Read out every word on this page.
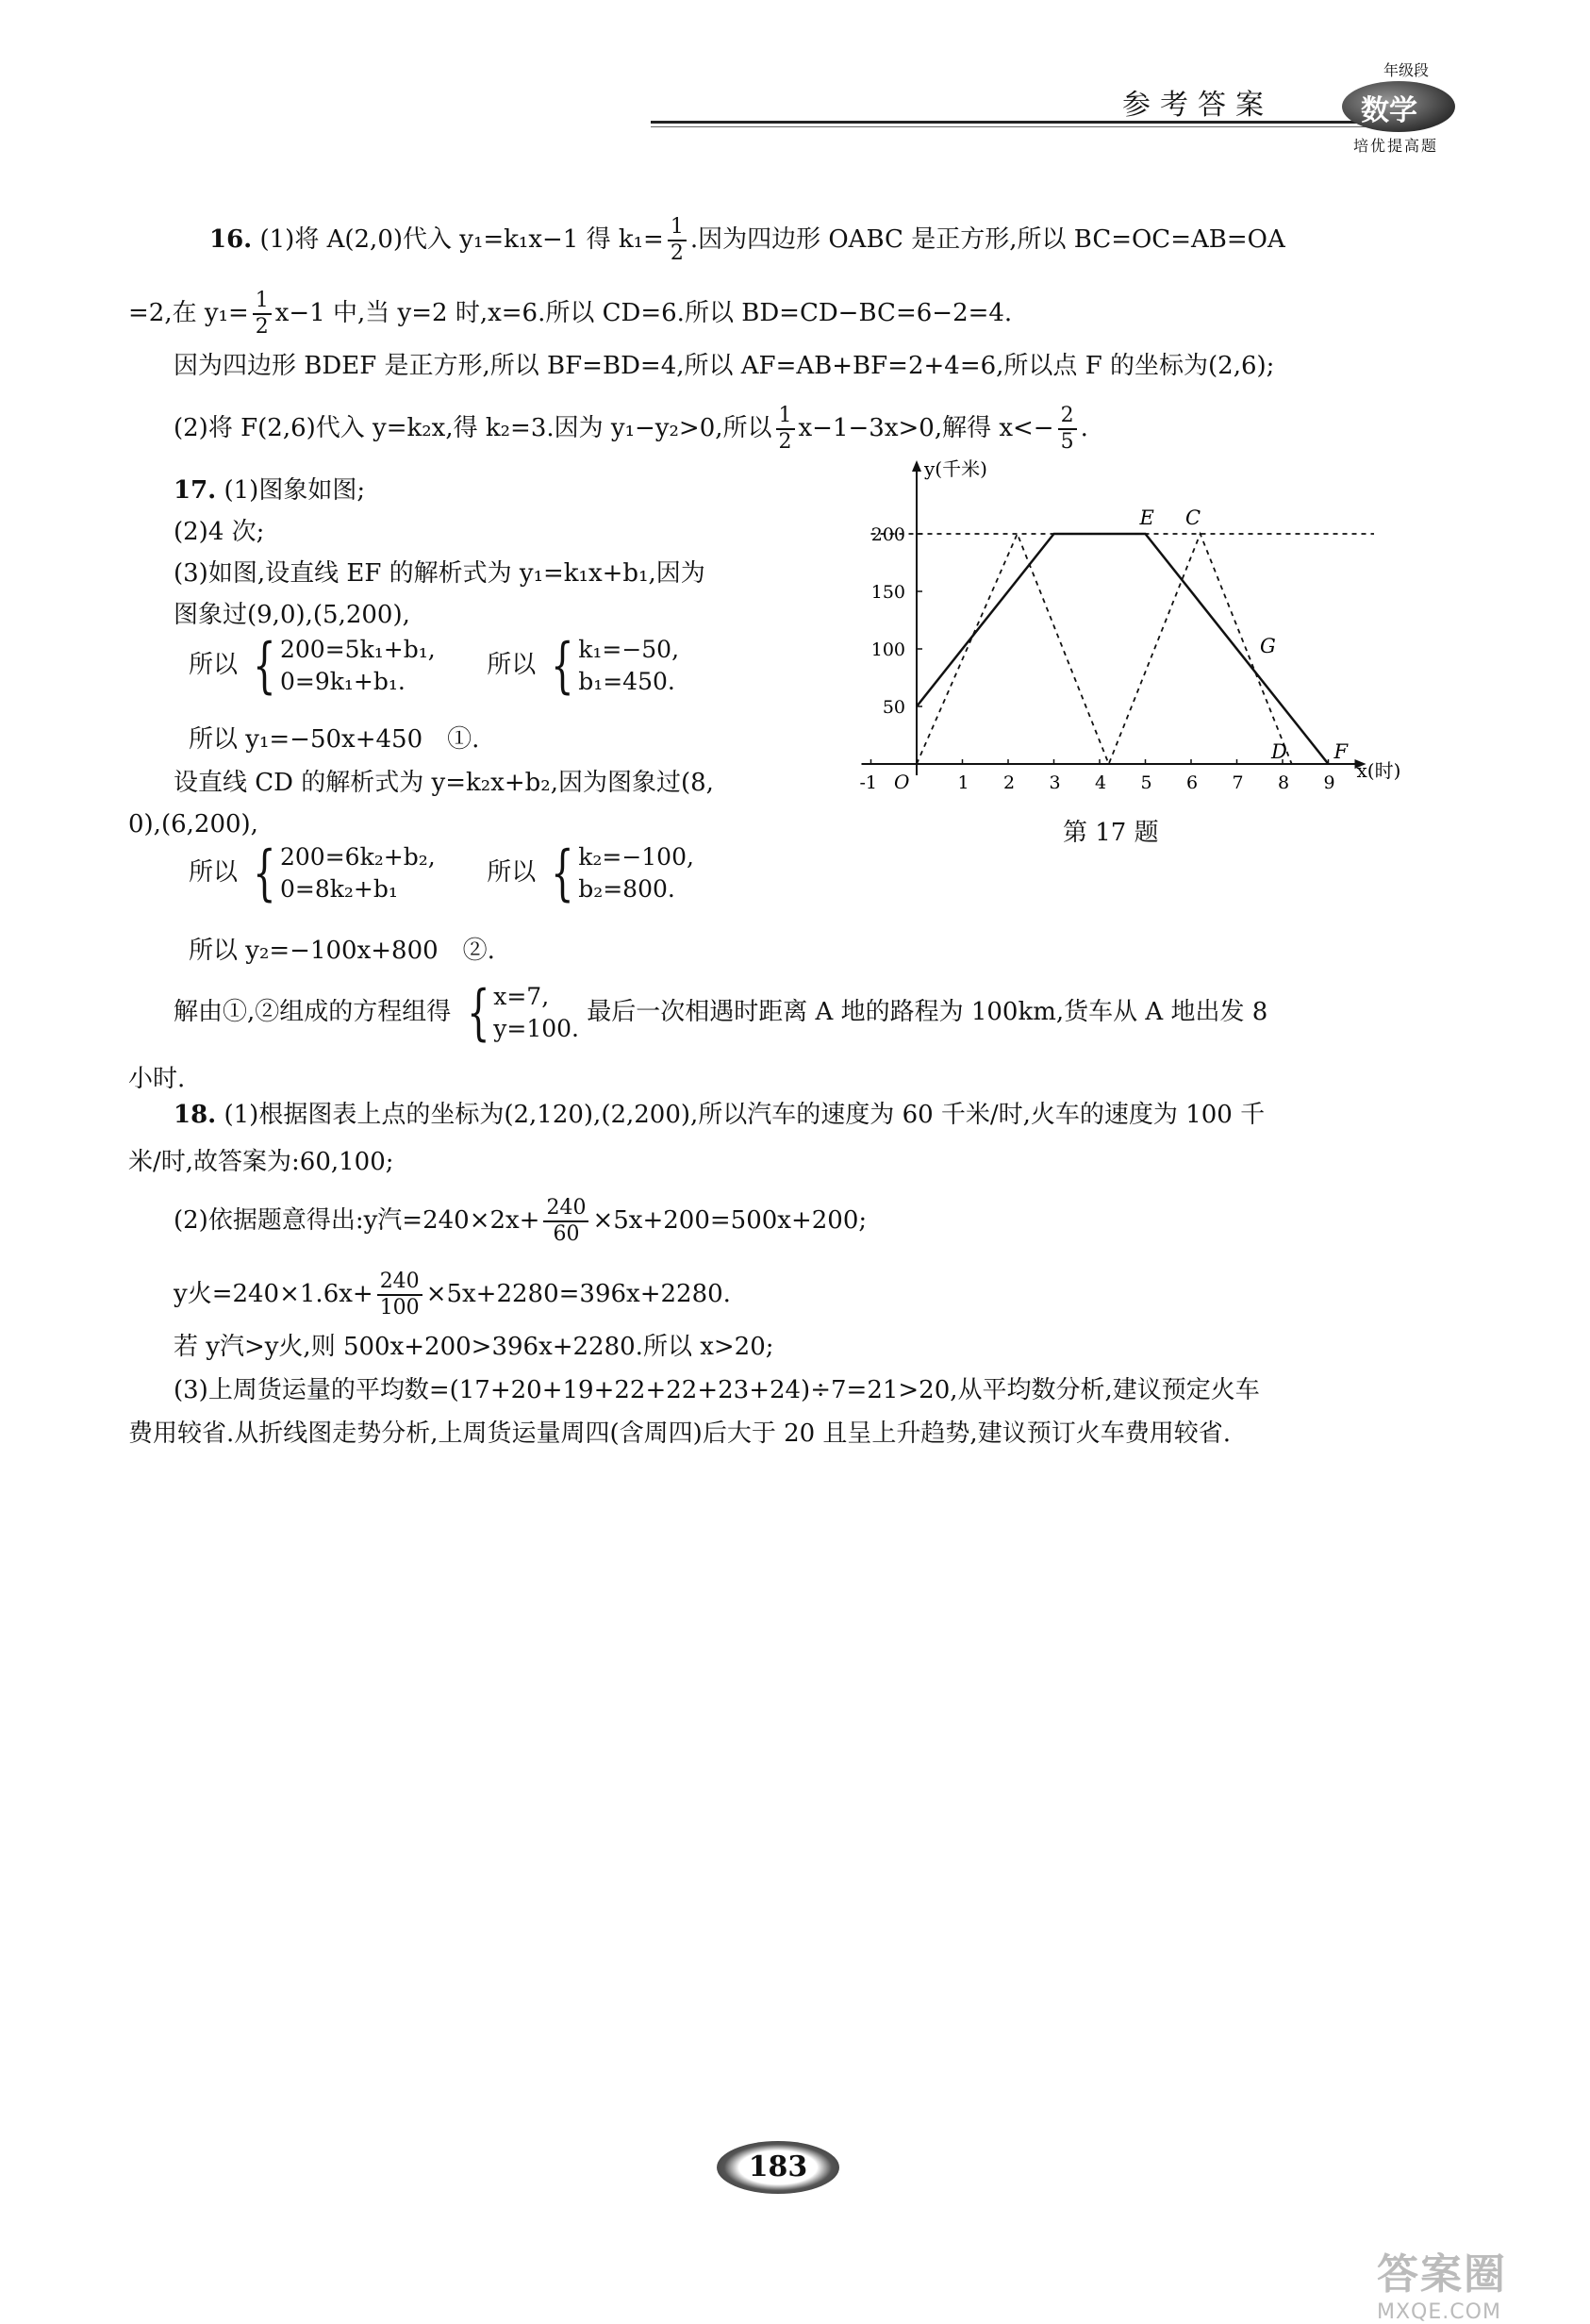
参考答案
年级段
数学
培优提高题
16. (1)将 A(2,0)代入 y₁=k₁x−1 得 $k_1= \frac{1}{2}$ .因为四边形 OABC 是正方形,所以 BC=OC=AB=OA
=2,在 $y_1= \frac{1}{2} x-1$ 中,当 y=2 时,x=6.所以 CD=6.所以 BD=CD−BC=6−2=4.
因为四边形 BDEF 是正方形,所以 BF=BD=4,所以 AF=AB+BF=2+4=6,所以点 F 的坐标为(2,6);
(2)将 F(2,6)代入 y=k₂x,得 k₂=3.因为 y₁−y₂>0,所以 $\frac{1}{2} x-1-3x>0$,解得 $x<- \frac{2}{5}$ .
17. (1)图象如图;
(2)4 次;
(3)如图,设直线 EF 的解析式为 y₁=k₁x+b₁,因为
图象过(9,0),(5,200),
所以 { 200=5k₁+b₁,
0=9k₁+b₁.
所以 { k₁=−50,
b₁=450.
所以 y₁=−50x+450　①.
设直线 CD 的解析式为 y=k₂x+b₂,因为图象过(8,
0),(6,200),
所以 { 200=6k₂+b₂,
0=8k₂+b₁
所以 { k₂=−100,
b₂=800.
所以 y₂=−100x+800　②.
解由①,②组成的方程组得 { x=7,
y=100.
最后一次相遇时距离 A 地的路程为 100km,货车从 A 地出发 8
小时.
y(千米)
x(时)
O
-1	1 2 3 4 5 6 7 8 9
50
100
150
200
E C
G
D F
第 17 题
18. (1)根据图表上点的坐标为(2,120),(2,200),所以汽车的速度为 60 千米/时,火车的速度为 100 千
米/时,故答案为:60,100;
(2)依据题意得出:y汽$=240\times 2x+ \frac{240}{60} \times 5x+200=500x+200$;
y火$=240\times 1.6x+ \frac{240}{100} \times 5x+2280=396x+2280$.
若 y汽>y火,则 500x+200>396x+2280.所以 x>20;
(3)上周货运量的平均数=(17+20+19+22+22+23+24)÷7=21>20,从平均数分析,建议预定火车
费用较省.从折线图走势分析,上周货运量周四(含周四)后大于 20 且呈上升趋势,建议预订火车费用较省.
183
答案圈
MXQE.COM
